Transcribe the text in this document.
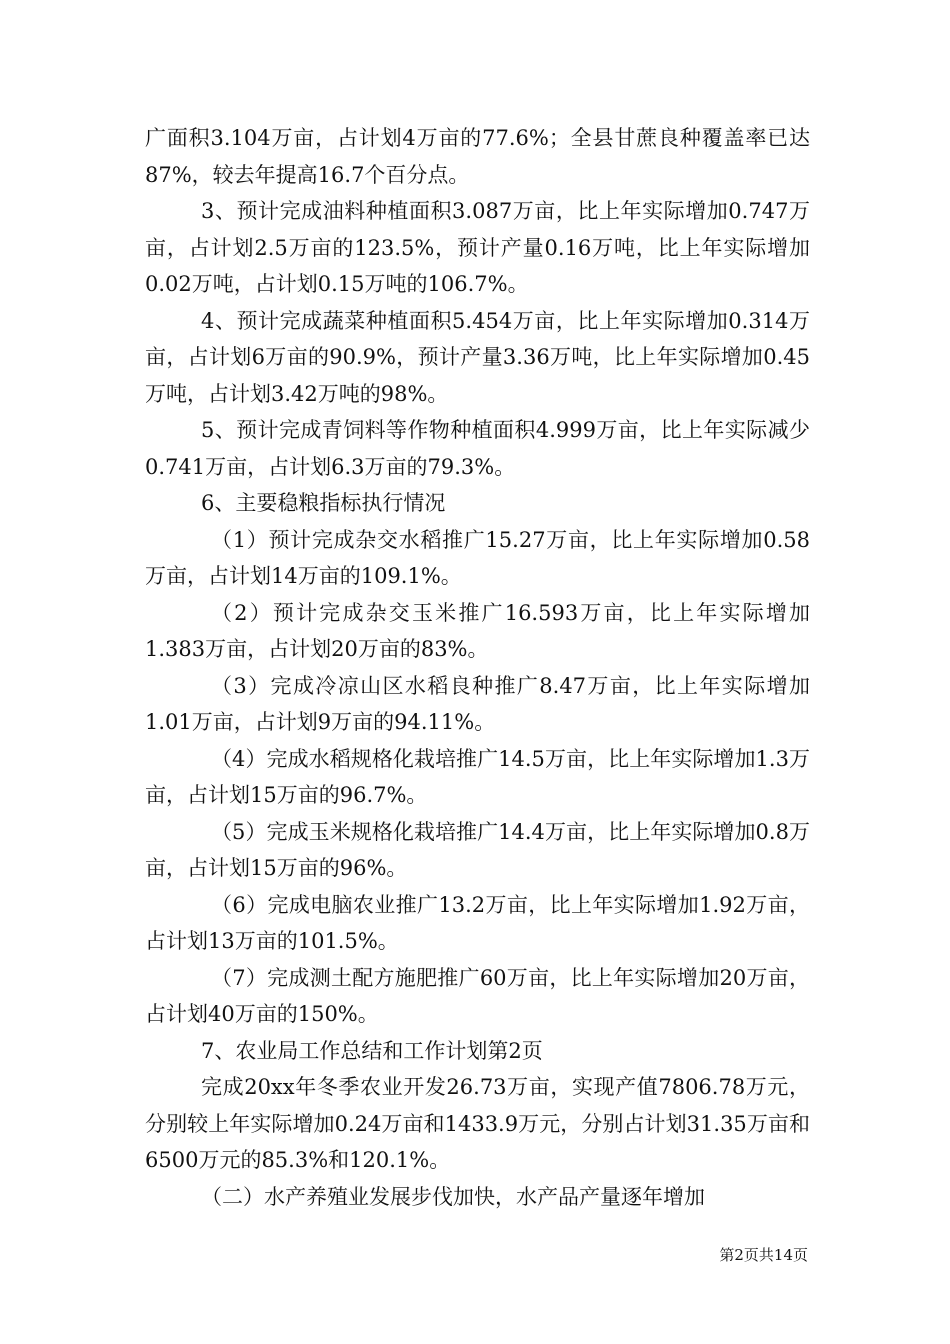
广面积3.104万亩，占计划4万亩的77.6%；全县甘蔗良种覆盖率已达87%，较去年提高16.7个百分点。

3、预计完成油料种植面积3.087万亩，比上年实际增加0.747万亩，占计划2.5万亩的123.5%，预计产量0.16万吨，比上年实际增加0.02万吨，占计划0.15万吨的106.7%。

4、预计完成蔬菜种植面积5.454万亩，比上年实际增加0.314万亩，占计划6万亩的90.9%，预计产量3.36万吨，比上年实际增加0.45万吨，占计划3.42万吨的98%。

5、预计完成青饲料等作物种植面积4.999万亩，比上年实际减少0.741万亩，占计划6.3万亩的79.3%。

6、主要稳粮指标执行情况

（1）预计完成杂交水稻推广15.27万亩，比上年实际增加0.58万亩，占计划14万亩的109.1%。

（2）预计完成杂交玉米推广16.593万亩，比上年实际增加1.383万亩，占计划20万亩的83%。

（3）完成冷凉山区水稻良种推广8.47万亩，比上年实际增加1.01万亩，占计划9万亩的94.11%。

（4）完成水稻规格化栽培推广14.5万亩，比上年实际增加1.3万亩，占计划15万亩的96.7%。

（5）完成玉米规格化栽培推广14.4万亩，比上年实际增加0.8万亩，占计划15万亩的96%。

（6）完成电脑农业推广13.2万亩，比上年实际增加1.92万亩，占计划13万亩的101.5%。

（7）完成测土配方施肥推广60万亩，比上年实际增加20万亩，占计划40万亩的150%。

7、农业局工作总结和工作计划第2页

完成20xx年冬季农业开发26.73万亩，实现产值7806.78万元，分别较上年实际增加0.24万亩和1433.9万元，分别占计划31.35万亩和6500万元的85.3%和120.1%。

（二）水产养殖业发展步伐加快，水产品产量逐年增加

第2页共14页
